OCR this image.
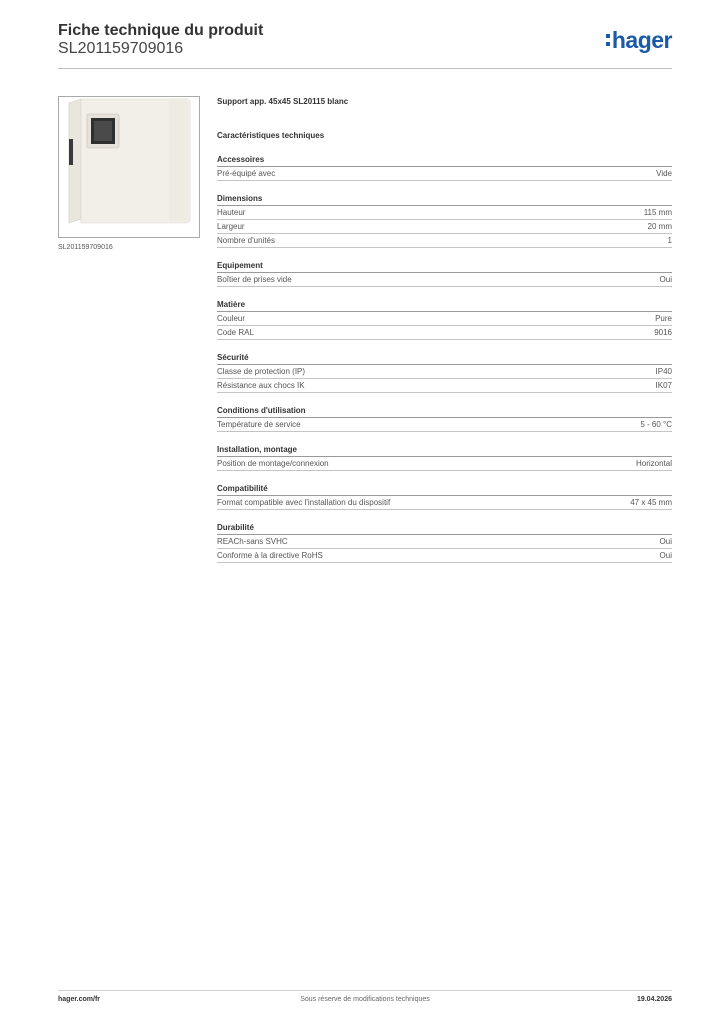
Fiche technique du produit
SL201159709016	hager
SL201159709016
Support app. 45x45 SL20115 blanc
Caractéristiques techniques
Accessoires
Pré-équipé avec	Vide
Dimensions
Hauteur	115 mm
Largeur	20 mm
Nombre d'unités	1
Equipement
Boîtier de prises vide	Oui
Matière
Couleur	Pure
Code RAL	9016
Sécurité
Classe de protection (IP)	IP40
Résistance aux chocs IK	IK07
Conditions d'utilisation
Température de service	5 - 60 °C
Installation, montage
Position de montage/connexion	Horizontal
Compatibilité
Format compatible avec l'installation du dispositif	47 x 45 mm
Durabilité
REACh-sans SVHC	Oui
Conforme à la directive RoHS	Oui
Sous réserve de modifications techniques
hager.com/fr	19.04.2026
